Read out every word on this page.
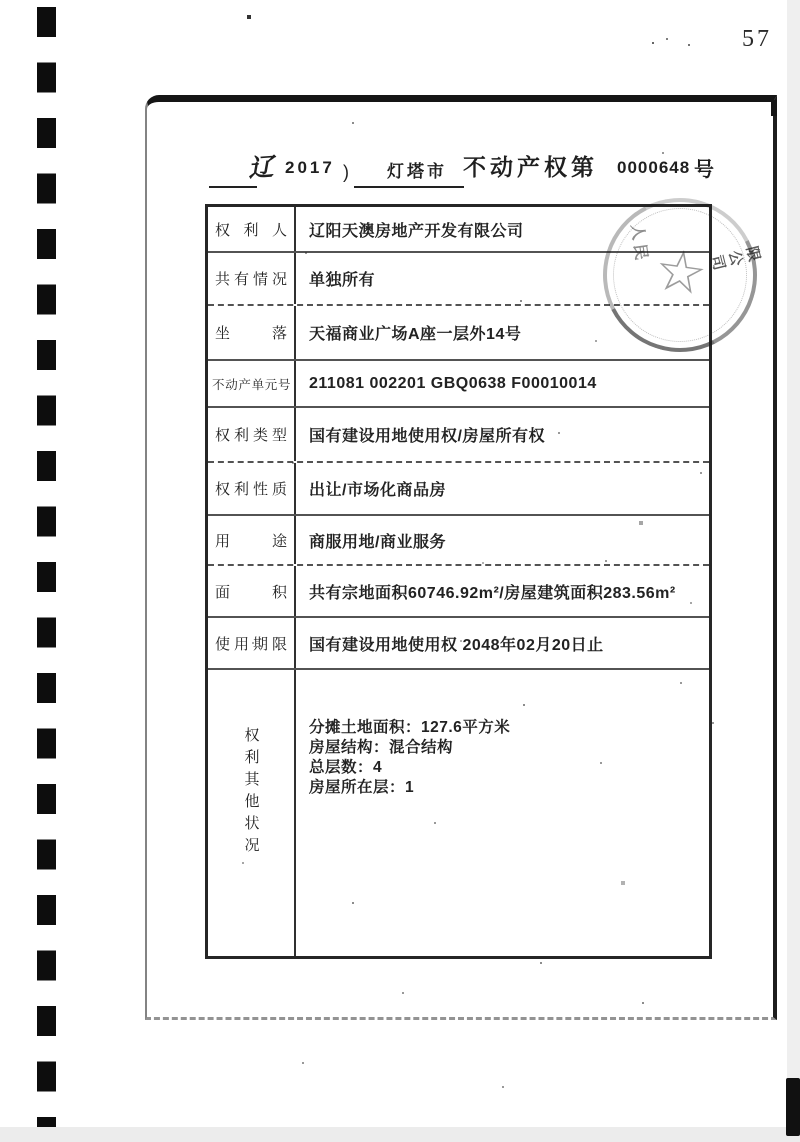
57
辽 2017 ) 灯塔市 不动产权第 0000648 号
权 利 人	辽阳天澳房地产开发有限公司
共有情况	单独所有
坐 落	天福商业广场A座一层外14号
不动产单元号	211081 002201 GBQ0638 F00010014
权利类型	国有建设用地使用权/房屋所有权
权利性质	出让/市场化商品房
用 途	商服用地/商业服务
面 积	共有宗地面积60746.92m²/房屋建筑面积283.56m²
使用期限	国有建设用地使用权 2048年02月20日止
权利其他状况	分摊土地面积：127.6平方米
房屋结构：混合结构
总层数：4
房屋所在层：1
☆
人民	限公司
